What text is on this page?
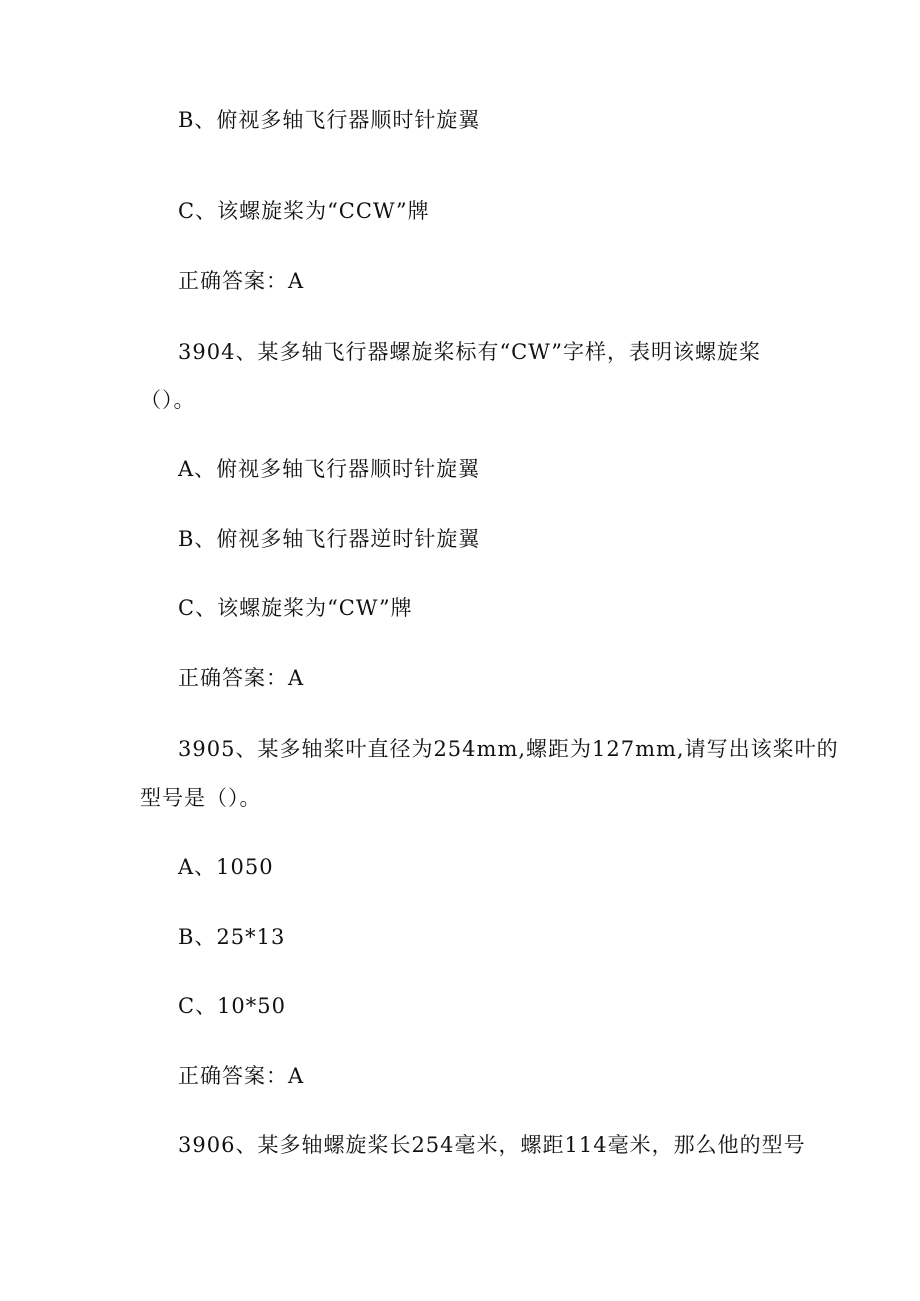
B、俯视多轴飞行器顺时针旋翼
C、该螺旋桨为“CCW”牌
正确答案：A
3904、某多轴飞行器螺旋桨标有“CW”字样，表明该螺旋桨
（）。
A、俯视多轴飞行器顺时针旋翼
B、俯视多轴飞行器逆时针旋翼
C、该螺旋桨为“CW”牌
正确答案：A
3905、某多轴桨叶直径为254mm,螺距为127mm,请写出该桨叶的
型号是（）。
A、1050
B、25*13
C、10*50
正确答案：A
3906、某多轴螺旋桨长254毫米，螺距114毫米，那么他的型号
